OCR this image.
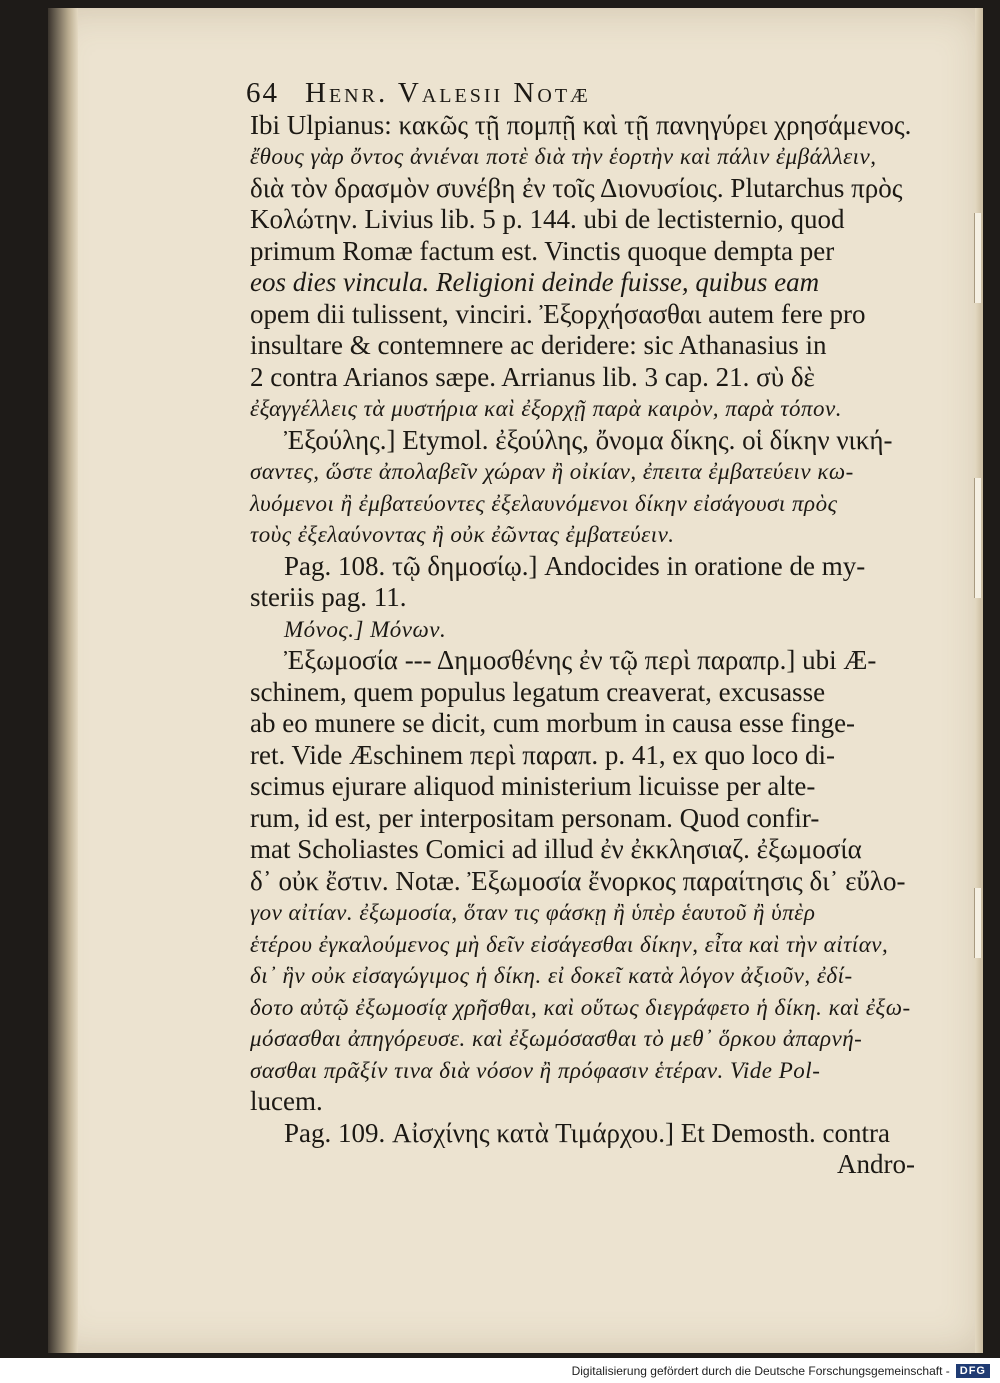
64 Henr. Valesii Notæ
Ibi Ulpianus: κακῶς τῇ πομπῇ καὶ τῇ πανηγύρει χρησάμενος.
ἔθους γὰρ ὄντος ἀνιέναι ποτὲ διὰ τὴν ἑορτὴν καὶ πάλιν ἐμβάλλειν,
διὰ τὸν δρασμὸν συνέβη ἐν τοῖς Διονυσίοις. Plutarchus πρὸς
Κολώτην. Livius lib. 5 p. 144. ubi de lectisternio, quod
primum Romæ factum est. Vinctis quoque dempta per
eos dies vincula. Religioni deinde fuisse, quibus eam
opem dii tulissent, vinciri. Ἐξορχήσασθαι autem fere pro
insultare & contemnere ac deridere: sic Athanasius in
2 contra Arianos sæpe. Arrianus lib. 3 cap. 21. σὺ δὲ
ἐξαγγέλλεις τὰ μυστήρια καὶ ἐξορχῇ παρὰ καιρὸν, παρὰ τόπον.
Ἐξούλης.] Etymol. ἐξούλης, ὄνομα δίκης. οἱ δίκην νική-
σαντες, ὥστε ἀπολαβεῖν χώραν ἢ οἰκίαν, ἐπειτα ἐμβατεύειν κω-
λυόμενοι ἢ ἐμβατεύοντες ἐξελαυνόμενοι δίκην εἰσάγουσι πρὸς
τοὺς ἐξελαύνοντας ἢ οὐκ ἐῶντας ἐμβατεύειν.
Pag. 108. τῷ δημοσίῳ.] Andocides in oratione de my-
steriis pag. 11.
Μόνος.] Μόνων.
Ἐξωμοσία --- Δημοσθένης ἐν τῷ περὶ παραπρ.] ubi Æ-
schinem, quem populus legatum creaverat, excusasse
ab eo munere se dicit, cum morbum in causa esse finge-
ret. Vide Æschinem περὶ παραπ. p. 41, ex quo loco di-
scimus ejurare aliquod ministerium licuisse per alte-
rum, id est, per interpositam personam. Quod confir-
mat Scholiastes Comici ad illud ἐν ἐκκλησιαζ. ἐξωμοσία
δ᾽ οὐκ ἔστιν. Notæ. Ἐξωμοσία ἔνορκος παραίτησις δι᾽ εὔλο-
γον αἰτίαν. ἐξωμοσία, ὅταν τις φάσκῃ ἢ ὑπὲρ ἑαυτοῦ ἢ ὑπὲρ
ἑτέρου ἐγκαλούμενος μὴ δεῖν εἰσάγεσθαι δίκην, εἶτα καὶ τὴν αἰτίαν,
δι᾽ ἣν οὐκ εἰσαγώγιμος ἡ δίκη. εἰ δοκεῖ κατὰ λόγον ἀξιοῦν, ἐδί-
δοτο αὐτῷ ἐξωμοσίᾳ χρῆσθαι, καὶ οὕτως διεγράφετο ἡ δίκη. καὶ ἐξω-
μόσασθαι ἀπηγόρευσε. καὶ ἐξωμόσασθαι τὸ μεθ᾽ ὅρκου ἀπαρνή-
σασθαι πρᾶξίν τινα διὰ νόσον ἢ πρόφασιν ἑτέραν. Vide Pol-
lucem.
Pag. 109. Αἰσχίνης κατὰ Τιμάρχου.] Et Demosth. contra
Andro-
Digitalisierung gefördert durch die Deutsche Forschungsgemeinschaft - DFG
